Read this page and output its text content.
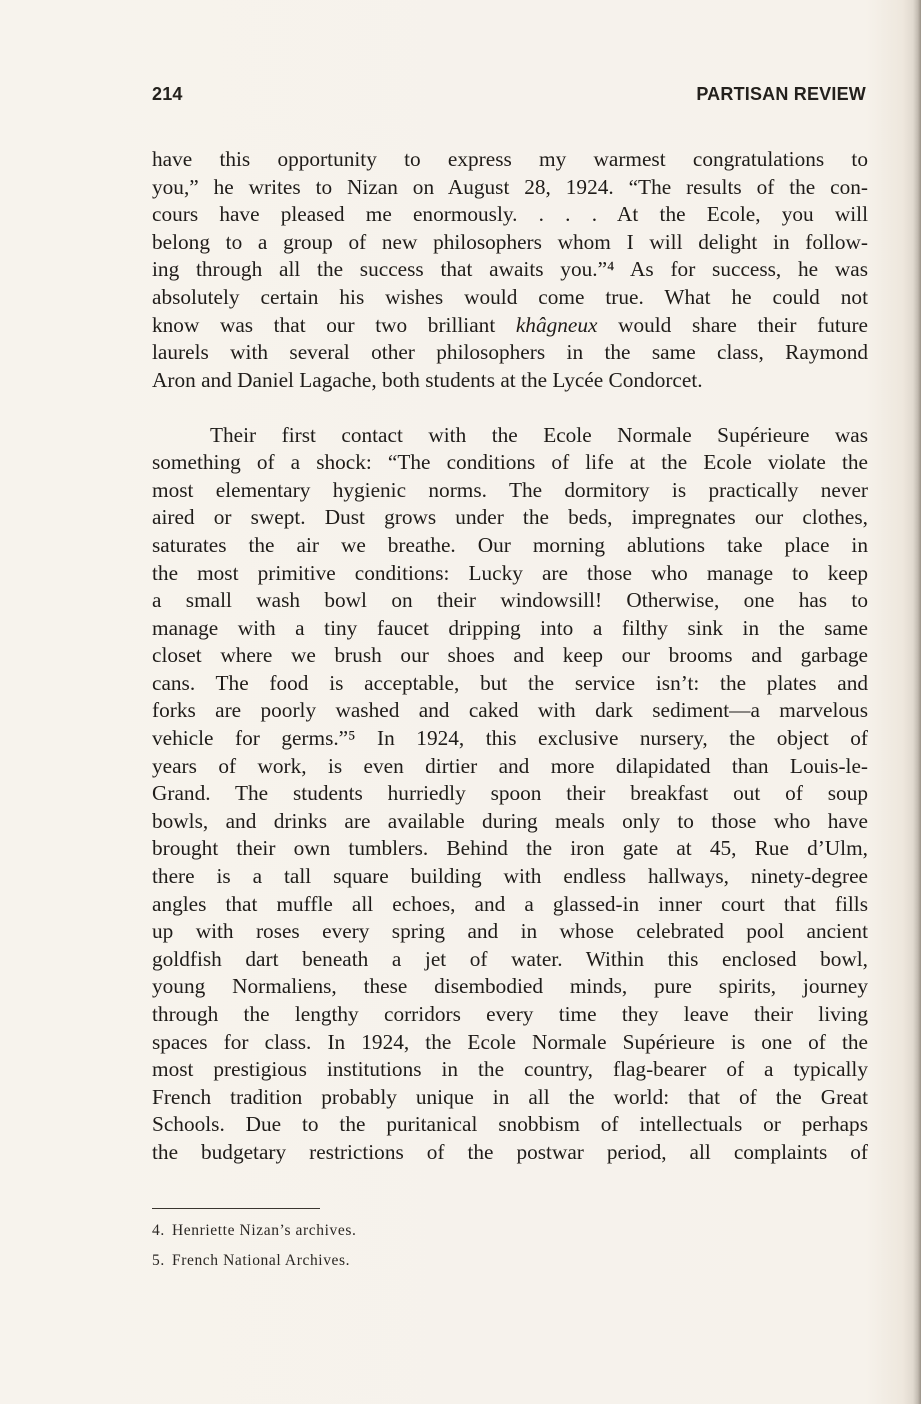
214	PARTISAN REVIEW
have this opportunity to express my warmest congratulations to
you,” he writes to Nizan on August 28, 1924. “The results of the con-
cours have pleased me enormously. . . . At the Ecole, you will
belong to a group of new philosophers whom I will delight in follow-
ing through all the success that awaits you.”⁴ As for success, he was
absolutely certain his wishes would come true. What he could not
know was that our two brilliant khâgneux would share their future
laurels with several other philosophers in the same class, Raymond
Aron and Daniel Lagache, both students at the Lycée Condorcet.
Their first contact with the Ecole Normale Supérieure was
something of a shock: “The conditions of life at the Ecole violate the
most elementary hygienic norms. The dormitory is practically never
aired or swept. Dust grows under the beds, impregnates our clothes,
saturates the air we breathe. Our morning ablutions take place in
the most primitive conditions: Lucky are those who manage to keep
a small wash bowl on their windowsill! Otherwise, one has to
manage with a tiny faucet dripping into a filthy sink in the same
closet where we brush our shoes and keep our brooms and garbage
cans. The food is acceptable, but the service isn’t: the plates and
forks are poorly washed and caked with dark sediment—a marvelous
vehicle for germs.”⁵ In 1924, this exclusive nursery, the object of
years of work, is even dirtier and more dilapidated than Louis-le-
Grand. The students hurriedly spoon their breakfast out of soup
bowls, and drinks are available during meals only to those who have
brought their own tumblers. Behind the iron gate at 45, Rue d’Ulm,
there is a tall square building with endless hallways, ninety-degree
angles that muffle all echoes, and a glassed-in inner court that fills
up with roses every spring and in whose celebrated pool ancient
goldfish dart beneath a jet of water. Within this enclosed bowl,
young Normaliens, these disembodied minds, pure spirits, journey
through the lengthy corridors every time they leave their living
spaces for class. In 1924, the Ecole Normale Supérieure is one of the
most prestigious institutions in the country, flag-bearer of a typically
French tradition probably unique in all the world: that of the Great
Schools. Due to the puritanical snobbism of intellectuals or perhaps
the budgetary restrictions of the postwar period, all complaints of
4. Henriette Nizan’s archives.
5. French National Archives.
